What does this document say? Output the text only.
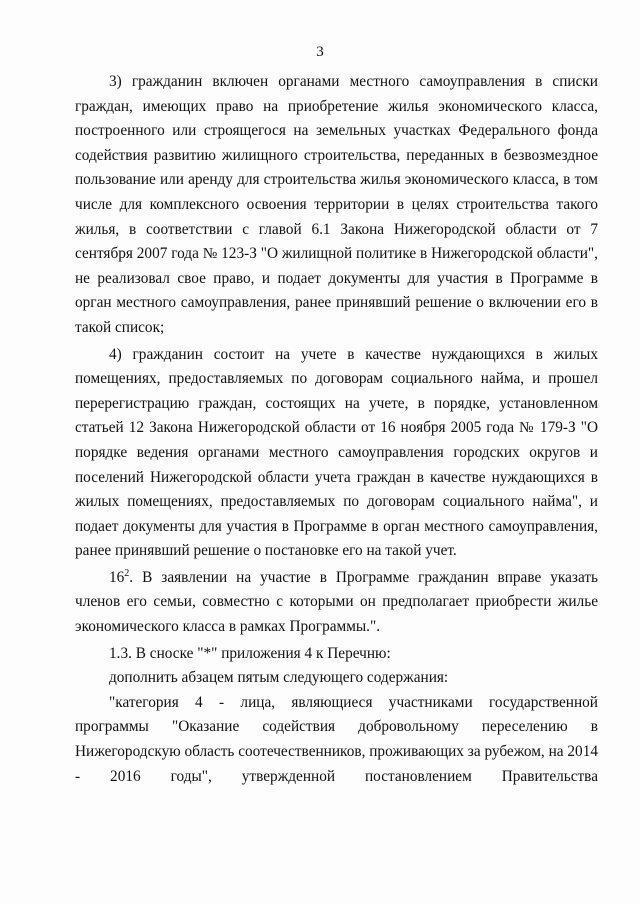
3

3) гражданин включен органами местного самоуправления в списки граждан, имеющих право на приобретение жилья экономического класса, построенного или строящегося на земельных участках Федерального фонда содействия развитию жилищного строительства, переданных в безвозмездное пользование или аренду для строительства жилья экономического класса, в том числе для комплексного освоения территории в целях строительства такого жилья, в соответствии с главой 6.1 Закона Нижегородской области от 7 сентября 2007 года № 123-З "О жилищной политике в Нижегородской области", не реализовал свое право, и подает документы для участия в Программе в орган местного самоуправления, ранее принявший решение о включении его в такой список;

4) гражданин состоит на учете в качестве нуждающихся в жилых помещениях, предоставляемых по договорам социального найма, и прошел перерегистрацию граждан, состоящих на учете, в порядке, установленном статьей 12 Закона Нижегородской области от 16 ноября 2005 года № 179-З "О порядке ведения органами местного самоуправления городских округов и поселений Нижегородской области учета граждан в качестве нуждающихся в жилых помещениях, предоставляемых по договорам социального найма", и подает документы для участия в Программе в орган местного самоуправления, ранее принявший решение о постановке его на такой учет.

$16^2$. В заявлении на участие в Программе гражданин вправе указать членов его семьи, совместно с которыми он предполагает приобрести жилье экономического класса в рамках Программы.".

1.3. В сноске "*" приложения 4 к Перечню:

дополнить абзацем пятым следующего содержания:

"категория 4 - лица, являющиеся участниками государственной программы "Оказание содействия добровольному переселению в Нижегородскую область соотечественников, проживающих за рубежом, на 2014 - 2016 годы", утвержденной постановлением Правительства
